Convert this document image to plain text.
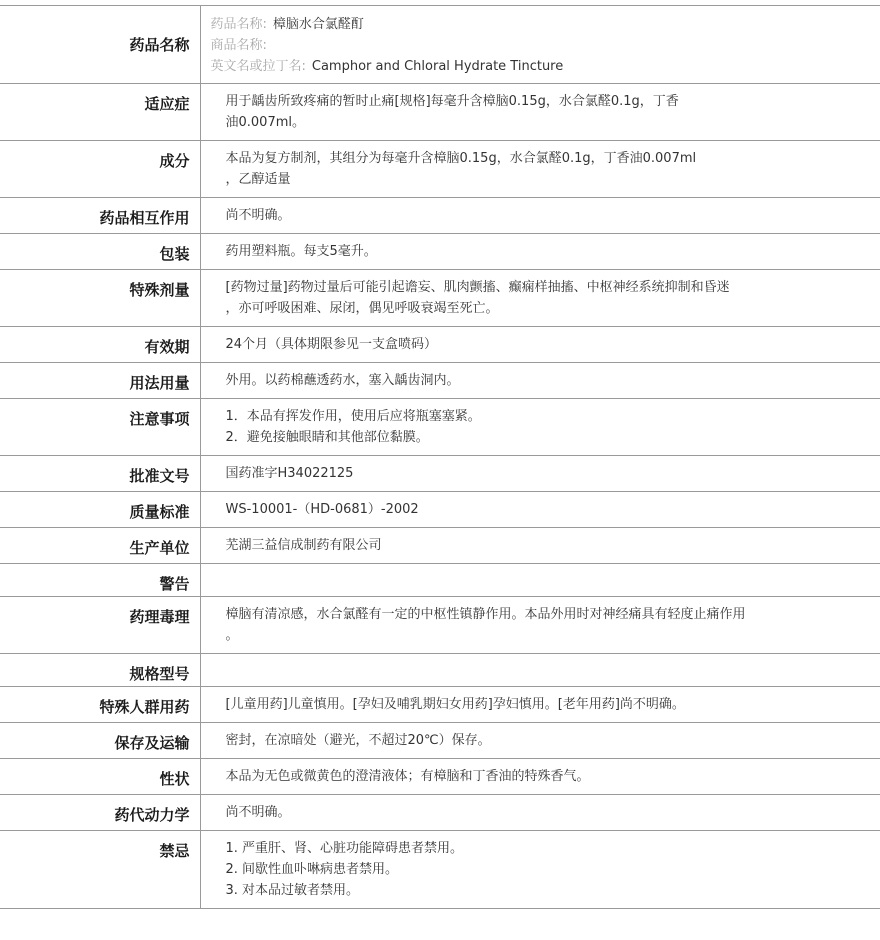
药品名称	药品名称: 樟脑水合氯醛酊
商品名称:
英文名或拉丁名: Camphor and Chloral Hydrate Tincture

适应症	用于龋齿所致疼痛的暂时止痛[规格]每毫升含樟脑0.15g，水合氯醛0.1g，丁香
油0.007ml。
成分	本品为复方制剂，其组分为每毫升含樟脑0.15g，水合氯醛0.1g，丁香油0.007ml
，乙醇适量
药品相互作用	尚不明确。
包装	药用塑料瓶。每支5毫升。
特殊剂量	[药物过量]药物过量后可能引起谵妄、肌肉颤搐、癫痫样抽搐、中枢神经系统抑制和昏迷
，亦可呼吸困难、尿闭，偶见呼吸衰竭至死亡。
有效期	24个月（具体期限参见一支盒喷码）
用法用量	外用。以药棉蘸透药水，塞入龋齿洞内。
注意事项	1．本品有挥发作用，使用后应将瓶塞塞紧。
2．避免接触眼睛和其他部位黏膜。
批准文号	国药准字H34022125
质量标准	WS-10001-（HD-0681）-2002
生产单位	芜湖三益信成制药有限公司
警告	
药理毒理	樟脑有清凉感，水合氯醛有一定的中枢性镇静作用。本品外用时对神经痛具有轻度止痛作用
。
规格型号	
特殊人群用药	[儿童用药]儿童慎用。[孕妇及哺乳期妇女用药]孕妇慎用。[老年用药]尚不明确。
保存及运输	密封，在凉暗处（避光，不超过20℃）保存。
性状	本品为无色或微黄色的澄清液体；有樟脑和丁香油的特殊香气。
药代动力学	尚不明确。
禁忌	1. 严重肝、肾、心脏功能障碍患者禁用。
2. 间歇性血卟啉病患者禁用。
3. 对本品过敏者禁用。
